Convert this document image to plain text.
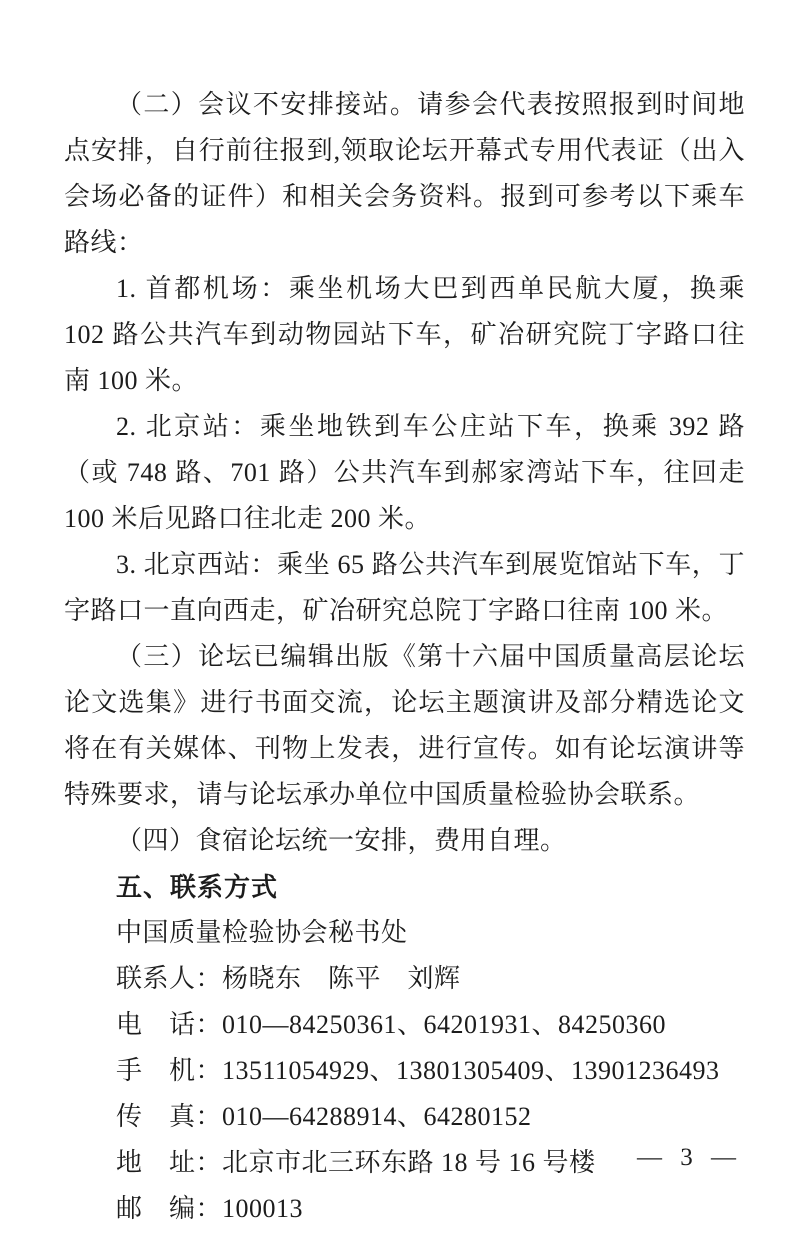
（二）会议不安排接站。请参会代表按照报到时间地点安排，自行前往报到,领取论坛开幕式专用代表证（出入会场必备的证件）和相关会务资料。报到可参考以下乘车路线：

1. 首都机场：乘坐机场大巴到西单民航大厦，换乘 102 路公共汽车到动物园站下车，矿冶研究院丁字路口往南 100 米。

2. 北京站：乘坐地铁到车公庄站下车，换乘 392 路（或 748 路、701 路）公共汽车到郝家湾站下车，往回走 100 米后见路口往北走 200 米。

3. 北京西站：乘坐 65 路公共汽车到展览馆站下车，丁字路口一直向西走，矿冶研究总院丁字路口往南 100 米。

（三）论坛已编辑出版《第十六届中国质量高层论坛论文选集》进行书面交流，论坛主题演讲及部分精选论文将在有关媒体、刊物上发表，进行宣传。如有论坛演讲等特殊要求，请与论坛承办单位中国质量检验协会联系。

（四）食宿论坛统一安排，费用自理。

五、联系方式

中国质量检验协会秘书处

联系人：杨晓东　陈平　刘辉

电　话：010—84250361、64201931、84250360

手　机：13511054929、13801305409、13901236493

传　真：010—64288914、64280152

地　址：北京市北三环东路 18 号 16 号楼

邮　编：100013

— 3 —
